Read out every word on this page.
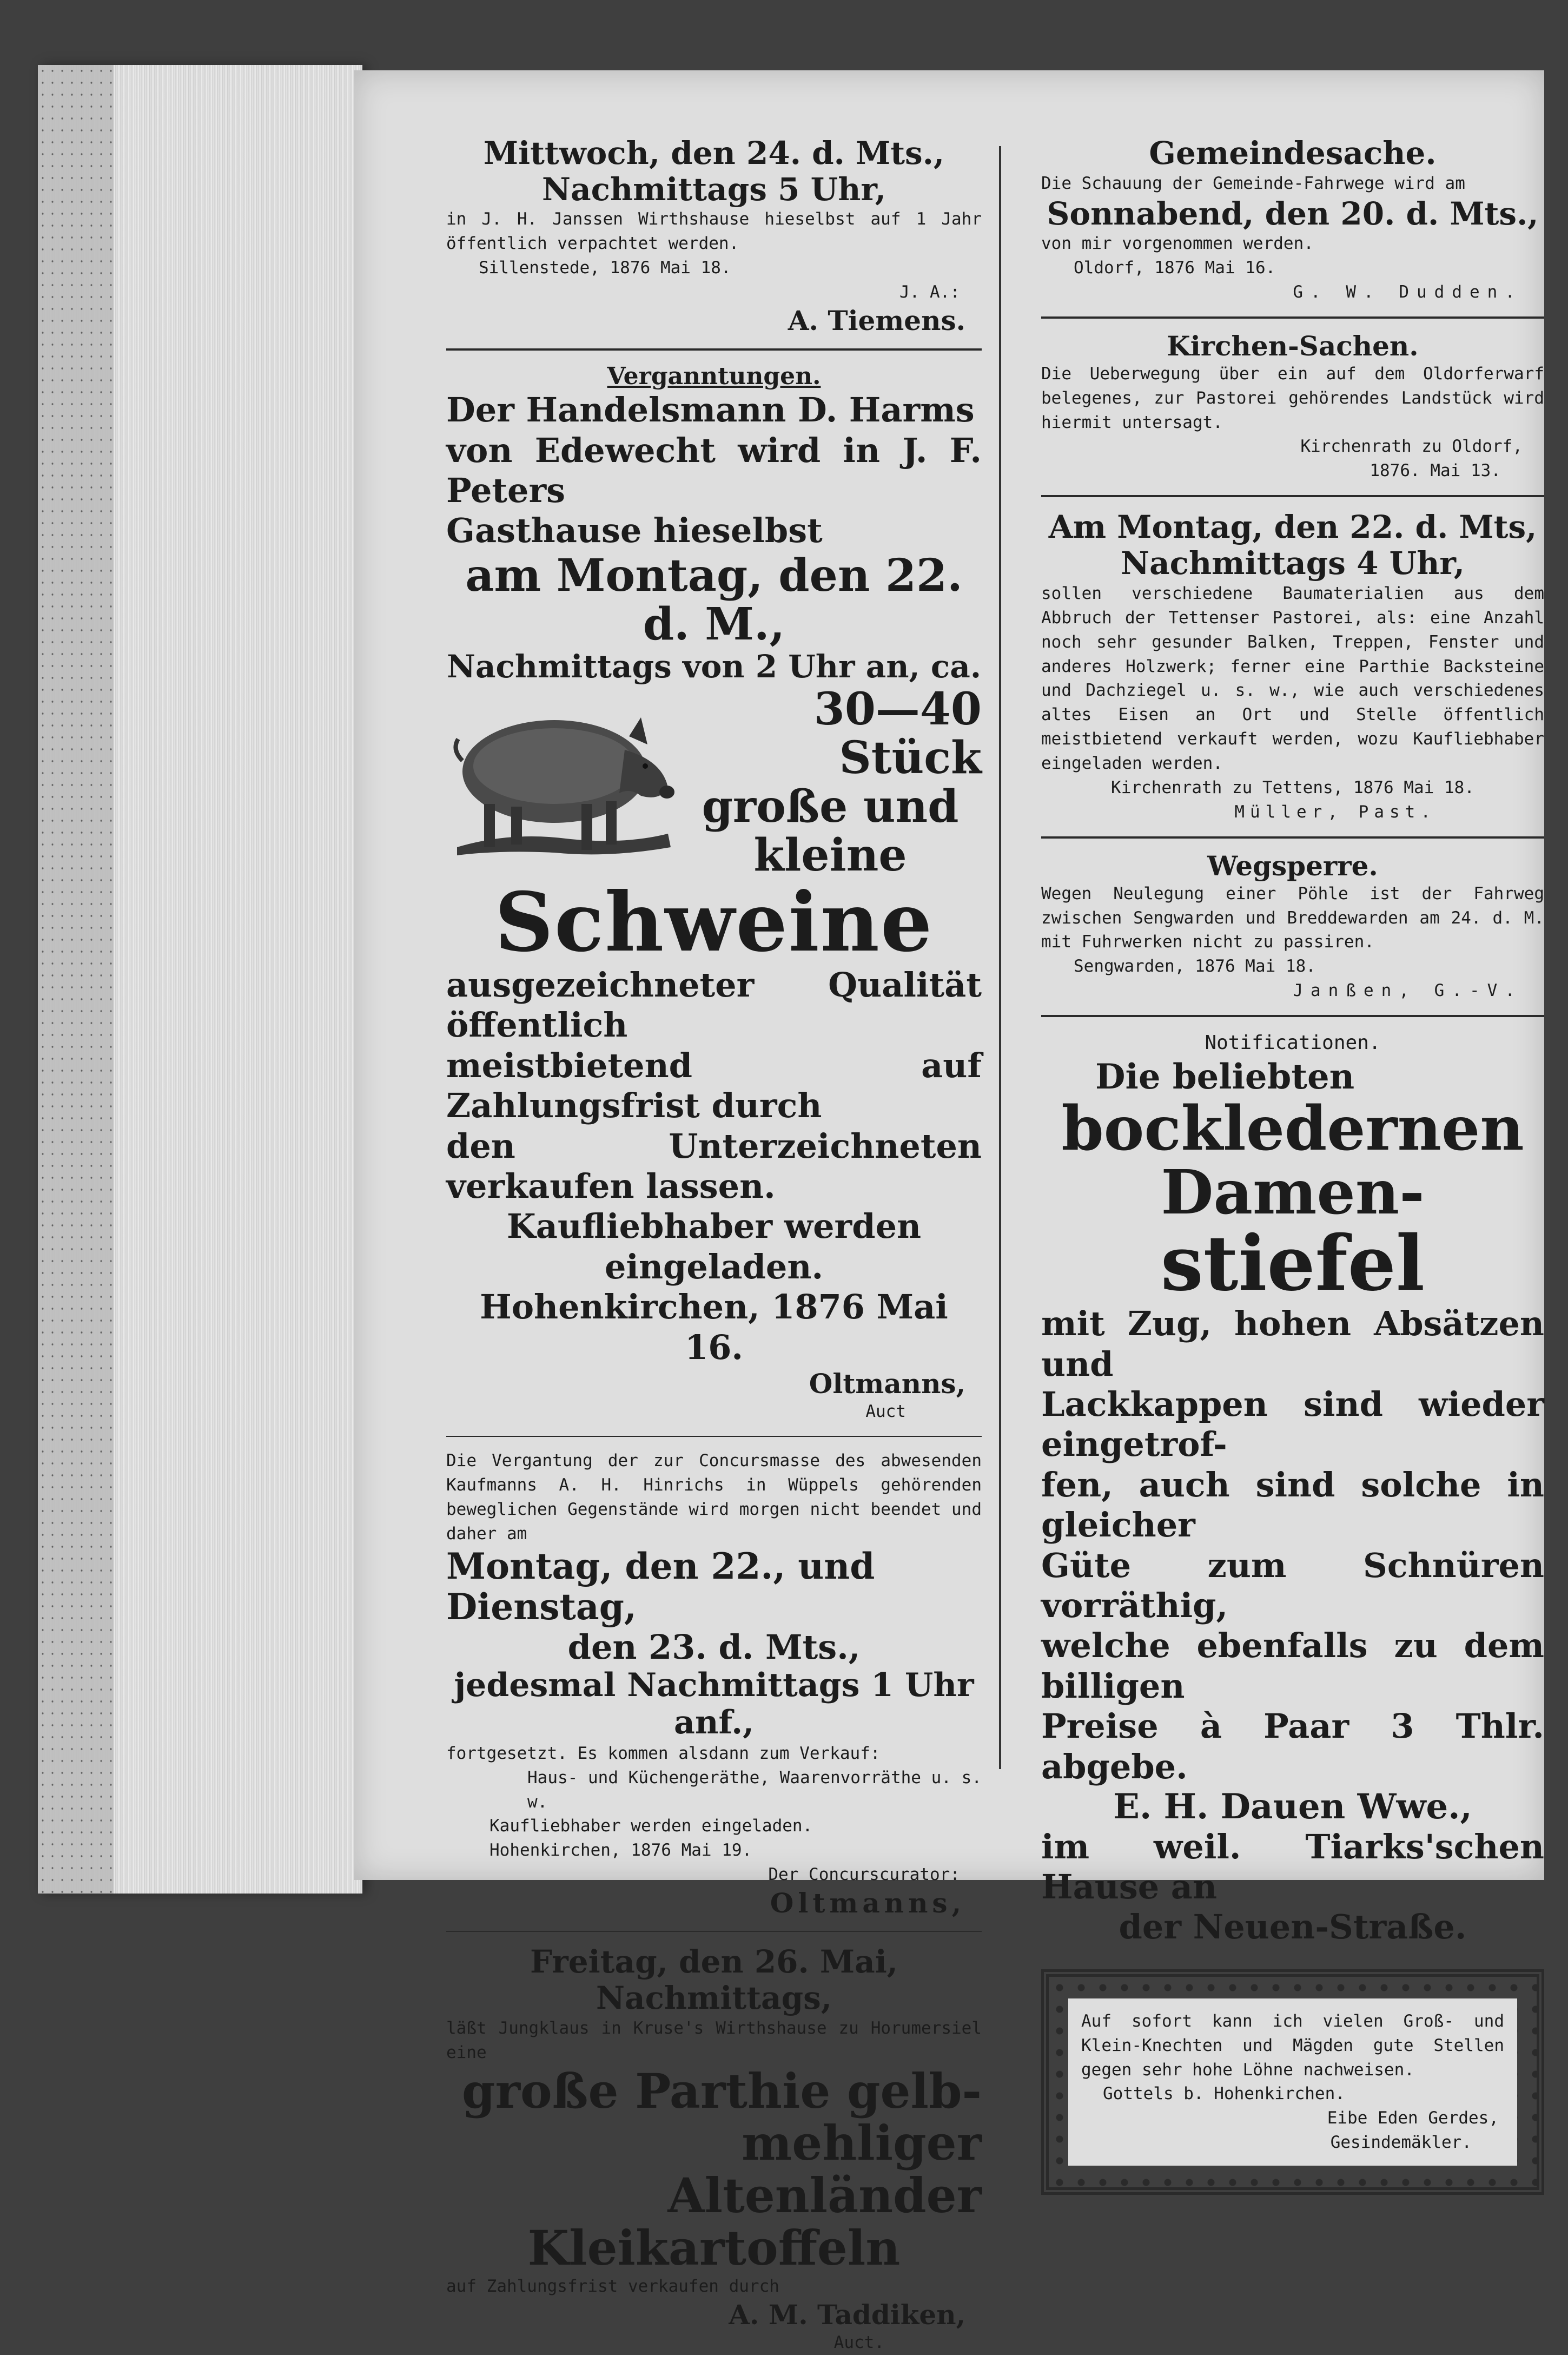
Mittwoch, den 24. d. Mts.,
Nachmittags 5 Uhr,
in J. H. Janssen Wirthshause hieselbst auf 1 Jahr öffentlich verpachtet werden.
Sillenstede, 1876 Mai 18.
J. A.:
A. Tiemens.
Verganntungen.
Der Handelsmann D. Harms
von Edewecht wird in J. F. Peters
Gasthause hieselbst
am Montag, den 22. d. M.,
Nachmittags von 2 Uhr an, ca.
30—40 Stück
große und
kleine
Schweine
ausgezeichneter Qualität öffentlich
meistbietend auf Zahlungsfrist durch
den Unterzeichneten verkaufen lassen.
Kaufliebhaber werden eingeladen.
Hohenkirchen, 1876 Mai 16.
Oltmanns,
Auct
Die Vergantung der zur Concursmasse des abwesenden Kaufmanns A. H. Hinrichs in Wüppels gehörenden beweglichen Gegenstände wird morgen nicht beendet und daher am
Montag, den 22., und Dienstag,
den 23. d. Mts.,
jedesmal Nachmittags 1 Uhr anf.,
fortgesetzt. Es kommen alsdann zum Verkauf:
Haus- und Küchengeräthe, Waarenvorräthe u. s. w.
Kaufliebhaber werden eingeladen.
Hohenkirchen, 1876 Mai 19.
Der Concurscurator:
Oltmanns,
Freitag, den 26. Mai,
Nachmittags,
läßt Jungklaus in Kruse's Wirthshause zu Horumersiel eine
große Parthie gelb-
mehliger Altenländer
Kleikartoffeln
auf Zahlungsfrist verkaufen durch
A. M. Taddiken,
Auct.
Gemeindesache.
Die Schauung der Gemeinde-Fahrwege wird am
Sonnabend, den 20. d. Mts.,
von mir vorgenommen werden.
Oldorf, 1876 Mai 16.
G. W. Dudden.
Kirchen-Sachen.
Die Ueberwegung über ein auf dem Oldorferwarf belegenes, zur Pastorei gehörendes Landstück wird hiermit untersagt.
Kirchenrath zu Oldorf,
1876. Mai 13.
Am Montag, den 22. d. Mts,
Nachmittags 4 Uhr,
sollen verschiedene Baumaterialien aus dem Abbruch der Tettenser Pastorei, als: eine Anzahl noch sehr gesunder Balken, Treppen, Fenster und anderes Holzwerk; ferner eine Parthie Backsteine und Dachziegel u. s. w., wie auch verschiedenes altes Eisen an Ort und Stelle öffentlich meistbietend verkauft werden, wozu Kaufliebhaber eingeladen werden.
Kirchenrath zu Tettens, 1876 Mai 18.
Müller, Past.
Wegsperre.
Wegen Neulegung einer Pöhle ist der Fahrweg zwischen Sengwarden und Breddewarden am 24. d. M. mit Fuhrwerken nicht zu passiren.
Sengwarden, 1876 Mai 18.
Janßen, G.-V.
Notificationen.
Die beliebten
bockledernen Damen-
stiefel
mit Zug, hohen Absätzen und
Lackkappen sind wieder eingetrof-
fen, auch sind solche in gleicher
Güte zum Schnüren vorräthig,
welche ebenfalls zu dem billigen
Preise à Paar 3 Thlr. abgebe.
E. H. Dauen Wwe.,
im weil. Tiarks'schen Hause an
der Neuen-Straße.
Auf sofort kann ich vielen Groß- und Klein-Knechten und Mägden gute Stellen gegen sehr hohe Löhne nachweisen.
Gottels b. Hohenkirchen.
Eibe Eden Gerdes,
Gesindemäkler.
